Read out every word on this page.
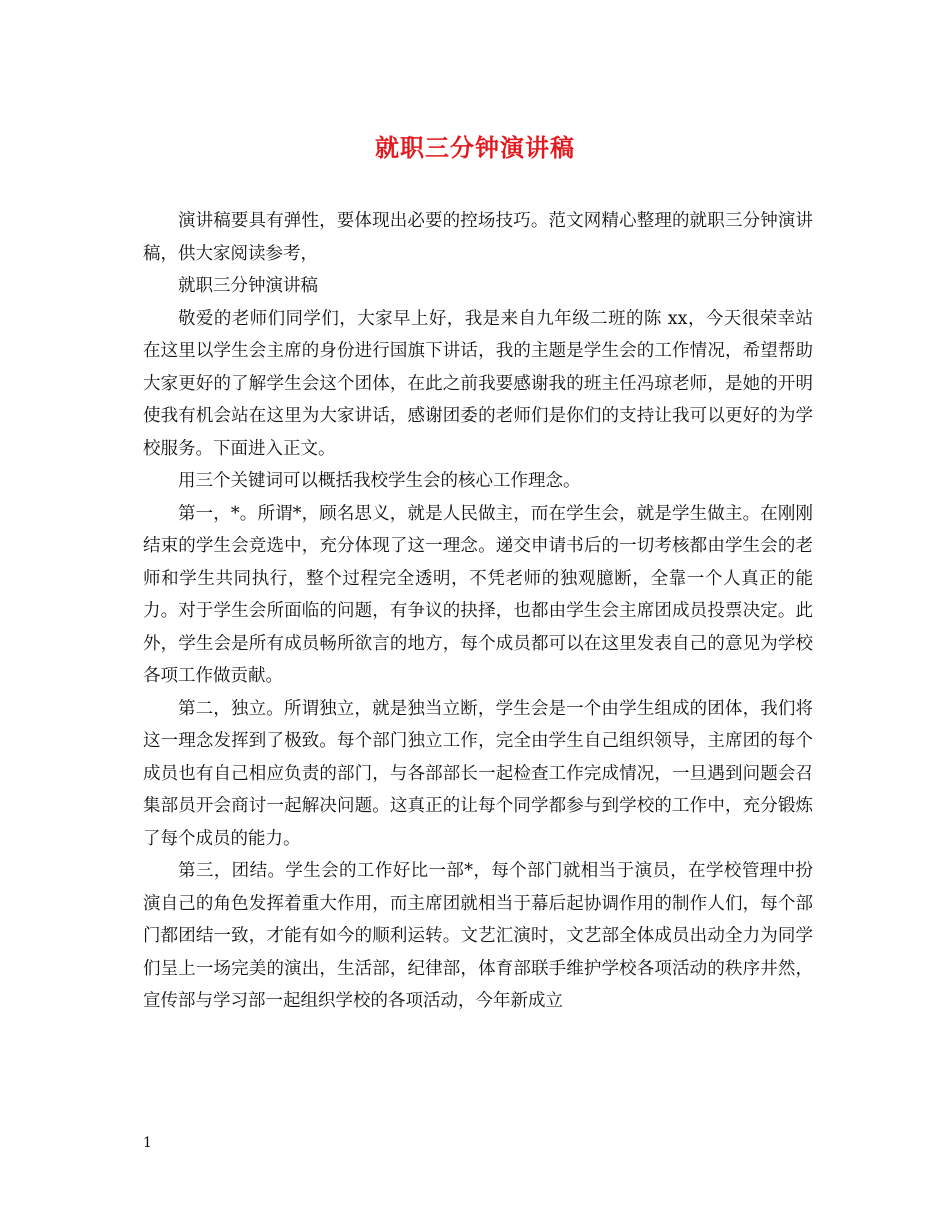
就职三分钟演讲稿

演讲稿要具有弹性，要体现出必要的控场技巧。范文网精心整理的就职三分钟演讲稿，供大家阅读参考，

就职三分钟演讲稿

敬爱的老师们同学们，大家早上好，我是来自九年级二班的陈 xx，今天很荣幸站在这里以学生会主席的身份进行国旗下讲话，我的主题是学生会的工作情况，希望帮助大家更好的了解学生会这个团体，在此之前我要感谢我的班主任冯琼老师，是她的开明使我有机会站在这里为大家讲话，感谢团委的老师们是你们的支持让我可以更好的为学校服务。下面进入正文。

用三个关键词可以概括我校学生会的核心工作理念。

第一，*。所谓*，顾名思义，就是人民做主，而在学生会，就是学生做主。在刚刚结束的学生会竞选中，充分体现了这一理念。递交申请书后的一切考核都由学生会的老师和学生共同执行，整个过程完全透明，不凭老师的独观臆断，全靠一个人真正的能力。对于学生会所面临的问题，有争议的抉择，也都由学生会主席团成员投票决定。此外，学生会是所有成员畅所欲言的地方，每个成员都可以在这里发表自己的意见为学校各项工作做贡献。

第二，独立。所谓独立，就是独当立断，学生会是一个由学生组成的团体，我们将这一理念发挥到了极致。每个部门独立工作，完全由学生自己组织领导，主席团的每个成员也有自己相应负责的部门，与各部部长一起检查工作完成情况，一旦遇到问题会召集部员开会商讨一起解决问题。这真正的让每个同学都参与到学校的工作中，充分锻炼了每个成员的能力。

第三，团结。学生会的工作好比一部*，每个部门就相当于演员，在学校管理中扮演自己的角色发挥着重大作用，而主席团就相当于幕后起协调作用的制作人们，每个部门都团结一致，才能有如今的顺利运转。文艺汇演时，文艺部全体成员出动全力为同学们呈上一场完美的演出，生活部，纪律部，体育部联手维护学校各项活动的秩序井然，宣传部与学习部一起组织学校的各项活动，今年新成立

1
